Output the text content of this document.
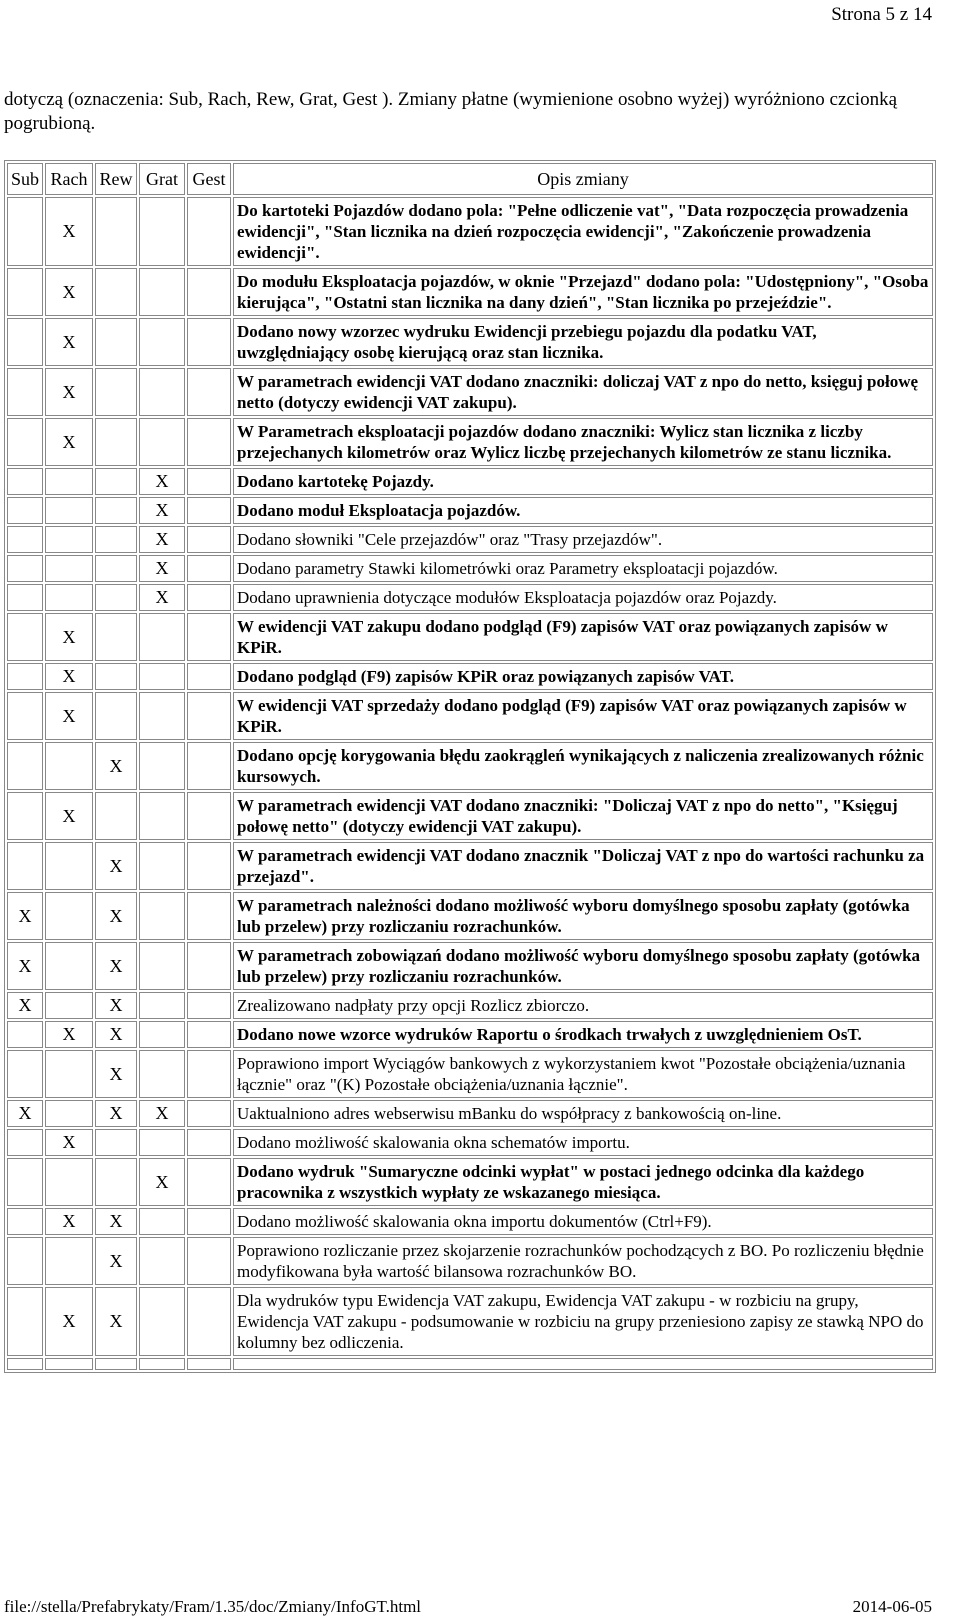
Strona 5 z 14
dotyczą (oznaczenia: Sub, Rach, Rew, Grat, Gest ). Zmiany płatne (wymienione osobno wyżej) wyróżniono czcionką pogrubioną.
Sub	Rach	Rew	Grat	Gest	Opis zmiany
	X				Do kartoteki Pojazdów dodano pola: "Pełne odliczenie vat", "Data rozpoczęcia prowadzenia ewidencji", "Stan licznika na dzień rozpoczęcia ewidencji", "Zakończenie prowadzenia ewidencji".
	X				Do modułu Eksploatacja pojazdów, w oknie "Przejazd" dodano pola: "Udostępniony", "Osoba kierująca", "Ostatni stan licznika na dany dzień", "Stan licznika po przejeździe".
	X				Dodano nowy wzorzec wydruku Ewidencji przebiegu pojazdu dla podatku VAT, uwzględniający osobę kierującą oraz stan licznika.
	X				W parametrach ewidencji VAT dodano znaczniki: doliczaj VAT z npo do netto, księguj połowę netto (dotyczy ewidencji VAT zakupu).
	X				W Parametrach eksploatacji pojazdów dodano znaczniki: Wylicz stan licznika z liczby przejechanych kilometrów oraz Wylicz liczbę przejechanych kilometrów ze stanu licznika.
			X		Dodano kartotekę Pojazdy.
			X		Dodano moduł Eksploatacja pojazdów.
			X		Dodano słowniki "Cele przejazdów" oraz "Trasy przejazdów".
			X		Dodano parametry Stawki kilometrówki oraz Parametry eksploatacji pojazdów.
			X		Dodano uprawnienia dotyczące modułów Eksploatacja pojazdów oraz Pojazdy.
	X				W ewidencji VAT zakupu dodano podgląd (F9) zapisów VAT oraz powiązanych zapisów w KPiR.
	X				Dodano podgląd (F9) zapisów KPiR oraz powiązanych zapisów VAT.
	X				W ewidencji VAT sprzedaży dodano podgląd (F9) zapisów VAT oraz powiązanych zapisów w KPiR.
		X			Dodano opcję korygowania błędu zaokrągleń wynikających z naliczenia zrealizowanych różnic kursowych.
	X				W parametrach ewidencji VAT dodano znaczniki: "Doliczaj VAT z npo do netto", "Księguj połowę netto" (dotyczy ewidencji VAT zakupu).
		X			W parametrach ewidencji VAT dodano znacznik "Doliczaj VAT z npo do wartości rachunku za przejazd".
X		X			W parametrach należności dodano możliwość wyboru domyślnego sposobu zapłaty (gotówka lub przelew) przy rozliczaniu rozrachunków.
X		X			W parametrach zobowiązań dodano możliwość wyboru domyślnego sposobu zapłaty (gotówka lub przelew) przy rozliczaniu rozrachunków.
X		X			Zrealizowano nadpłaty przy opcji Rozlicz zbiorczo.
	X	X			Dodano nowe wzorce wydruków Raportu o środkach trwałych z uwzględnieniem OsT.
		X			Poprawiono import Wyciągów bankowych z wykorzystaniem kwot "Pozostałe obciążenia/uznania łącznie" oraz "(K) Pozostałe obciążenia/uznania łącznie".
X		X	X		Uaktualniono adres webserwisu mBanku do współpracy z bankowością on-line.
	X				Dodano możliwość skalowania okna schematów importu.
			X		Dodano wydruk "Sumaryczne odcinki wypłat" w postaci jednego odcinka dla każdego pracownika z wszystkich wypłaty ze wskazanego miesiąca.
	X	X			Dodano możliwość skalowania okna importu dokumentów (Ctrl+F9).
		X			Poprawiono rozliczanie przez skojarzenie rozrachunków pochodzących z BO. Po rozliczeniu błędnie modyfikowana była wartość bilansowa rozrachunków BO.
	X	X			Dla wydruków typu Ewidencja VAT zakupu, Ewidencja VAT zakupu - w rozbiciu na grupy, Ewidencja VAT zakupu - podsumowanie w rozbiciu na grupy przeniesiono zapisy ze stawką NPO do kolumny bez odliczenia.

file://stella/Prefabrykaty/Fram/1.35/doc/Zmiany/InfoGT.html	2014-06-05
